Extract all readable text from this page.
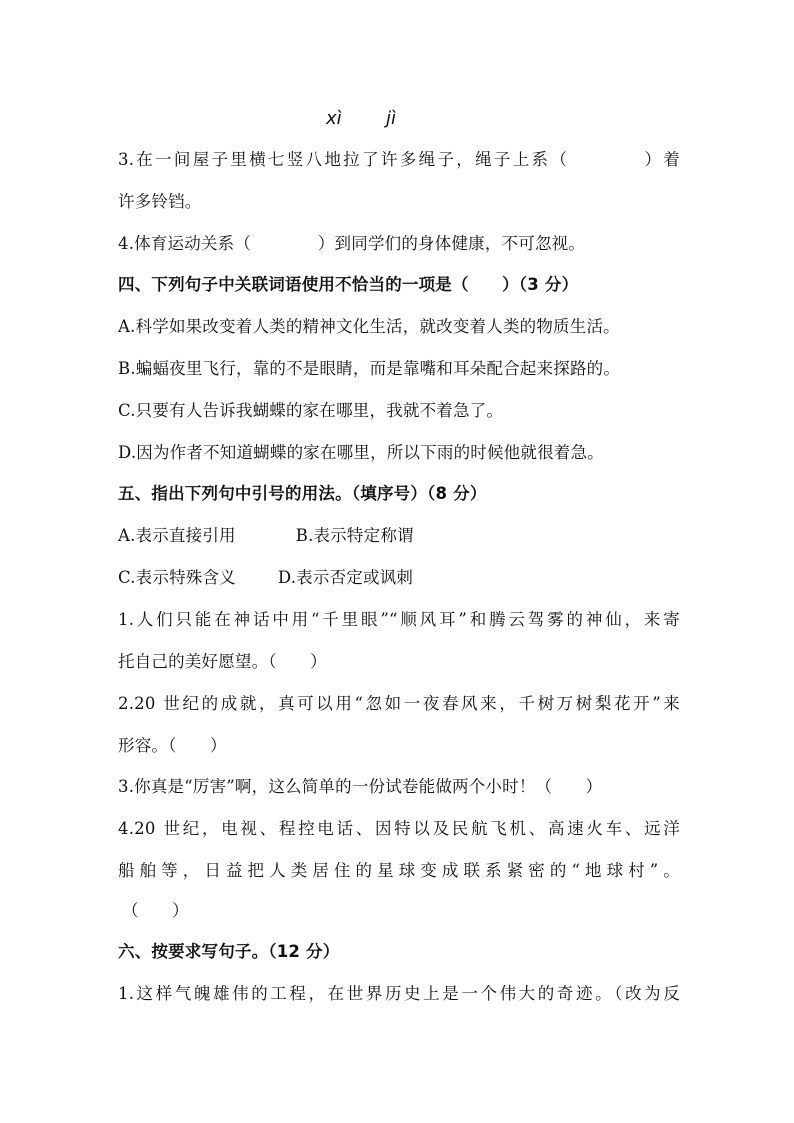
xì jì
3.在一间屋子里横七竖八地拉了许多绳子，绳子上系（　　　　）着
许多铃铛。
4.体育运动关系（　　　　）到同学们的身体健康，不可忽视。
四、下列句子中关联词语使用不恰当的一项是（　　）（3 分）
A.科学如果改变着人类的精神文化生活，就改变着人类的物质生活。
B.蝙蝠夜里飞行，靠的不是眼睛，而是靠嘴和耳朵配合起来探路的。
C.只要有人告诉我蝴蝶的家在哪里，我就不着急了。
D.因为作者不知道蝴蝶的家在哪里，所以下雨的时候他就很着急。
五、指出下列句中引号的用法。（填序号）（8 分）
A.表示直接引用	B.表示特定称谓
C.表示特殊含义	D.表示否定或讽刺
1.人们只能在神话中用“千里眼”“顺风耳”和腾云驾雾的神仙，来寄
托自己的美好愿望。（　　）
2.20 世纪的成就，真可以用“忽如一夜春风来，千树万树梨花开”来
形容。（　　）
3.你真是“厉害”啊，这么简单的一份试卷能做两个小时！（　　）
4.20 世纪，电视、程控电话、因特以及民航飞机、高速火车、远洋
船舶等，日益把人类居住的星球变成联系紧密的“地球村”。
（　　）
六、按要求写句子。（12 分）
1.这样气魄雄伟的工程，在世界历史上是一个伟大的奇迹。（改为反
